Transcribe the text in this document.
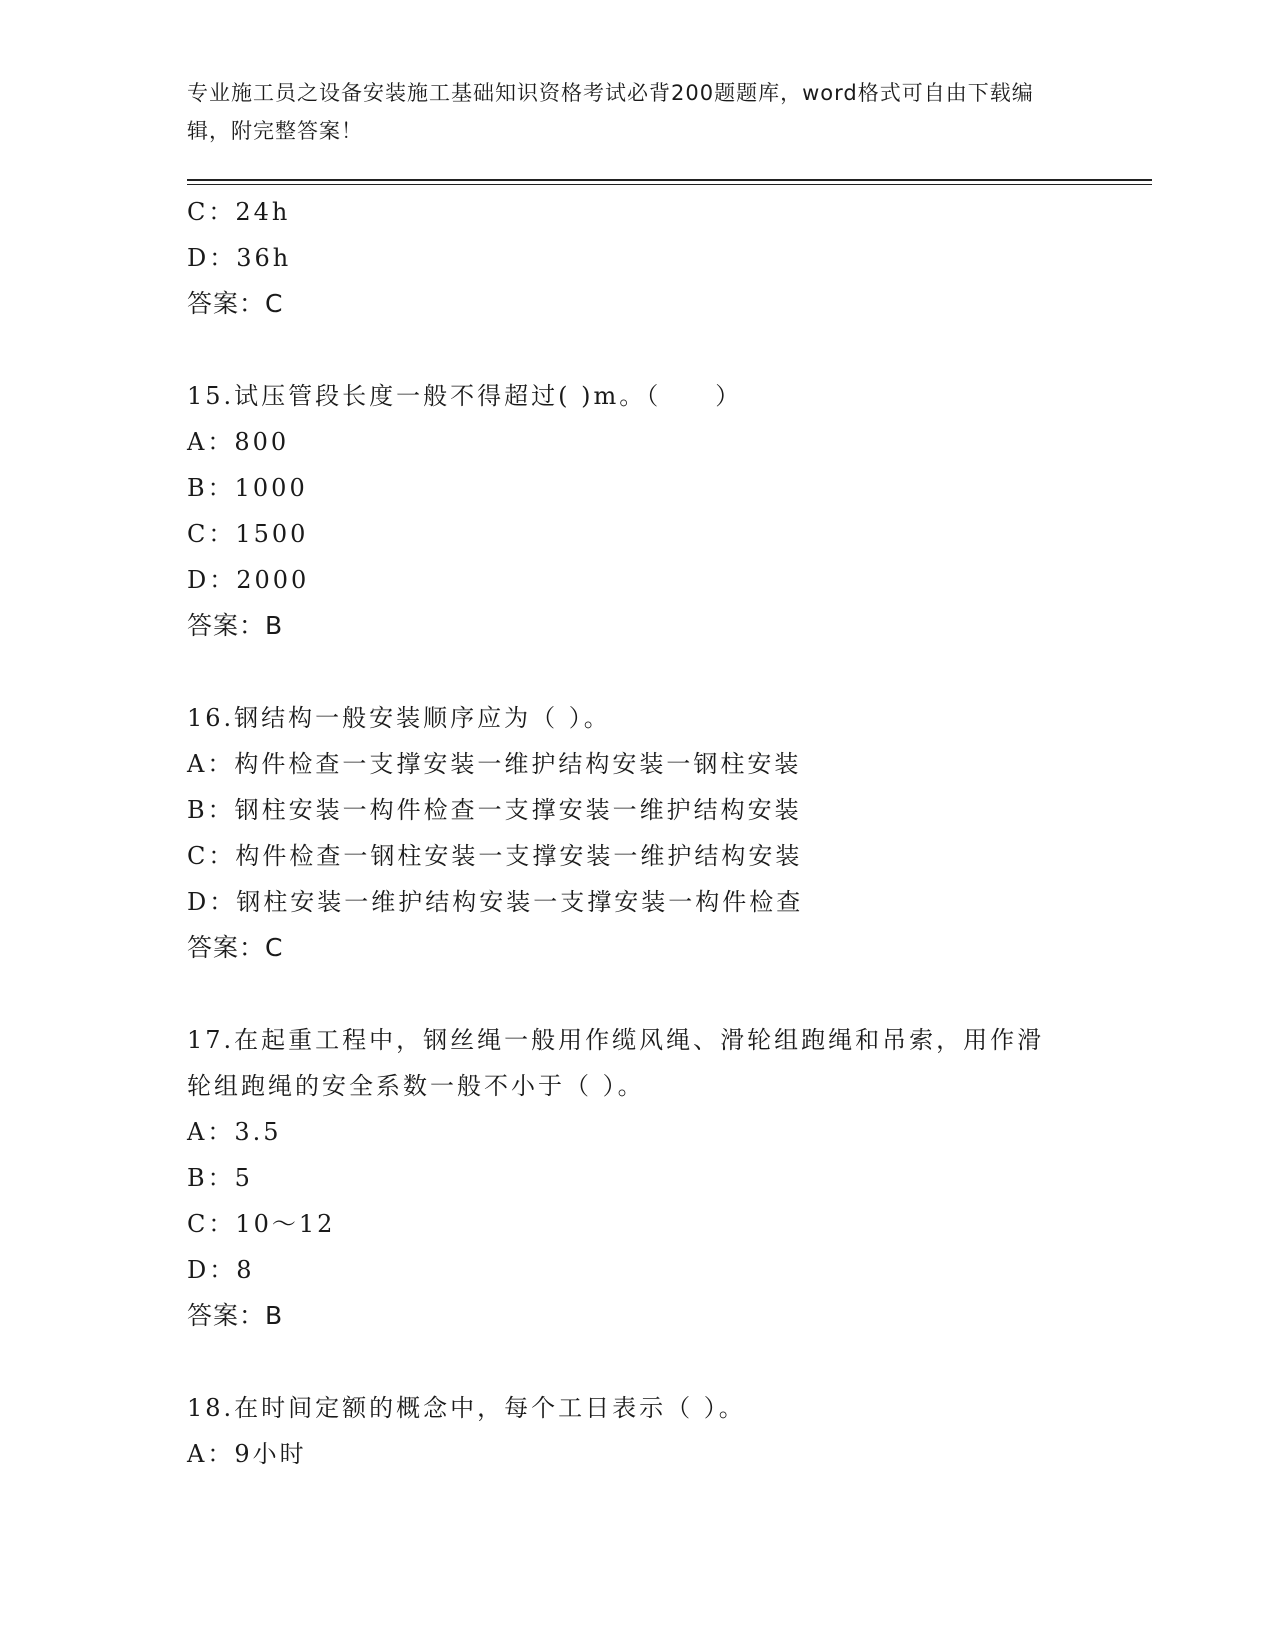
专业施工员之设备安装施工基础知识资格考试必背200题题库，word格式可自由下载编辑，附完整答案！
C：24h
D：36h
答案：C
15.试压管段长度一般不得超过( )m。（　　）
A：800
B：1000
C：1500
D：2000
答案：B
16.钢结构一般安装顺序应为（ ）。
A：构件检查一支撑安装一维护结构安装一钢柱安装
B：钢柱安装一构件检查一支撑安装一维护结构安装
C：构件检查一钢柱安装一支撑安装一维护结构安装
D：钢柱安装一维护结构安装一支撑安装一构件检查
答案：C
17.在起重工程中，钢丝绳一般用作缆风绳、滑轮组跑绳和吊索，用作滑轮组跑绳的安全系数一般不小于（ ）。
A：3.5
B：5
C：10～12
D：8
答案：B
18.在时间定额的概念中，每个工日表示（ ）。
A：9小时
